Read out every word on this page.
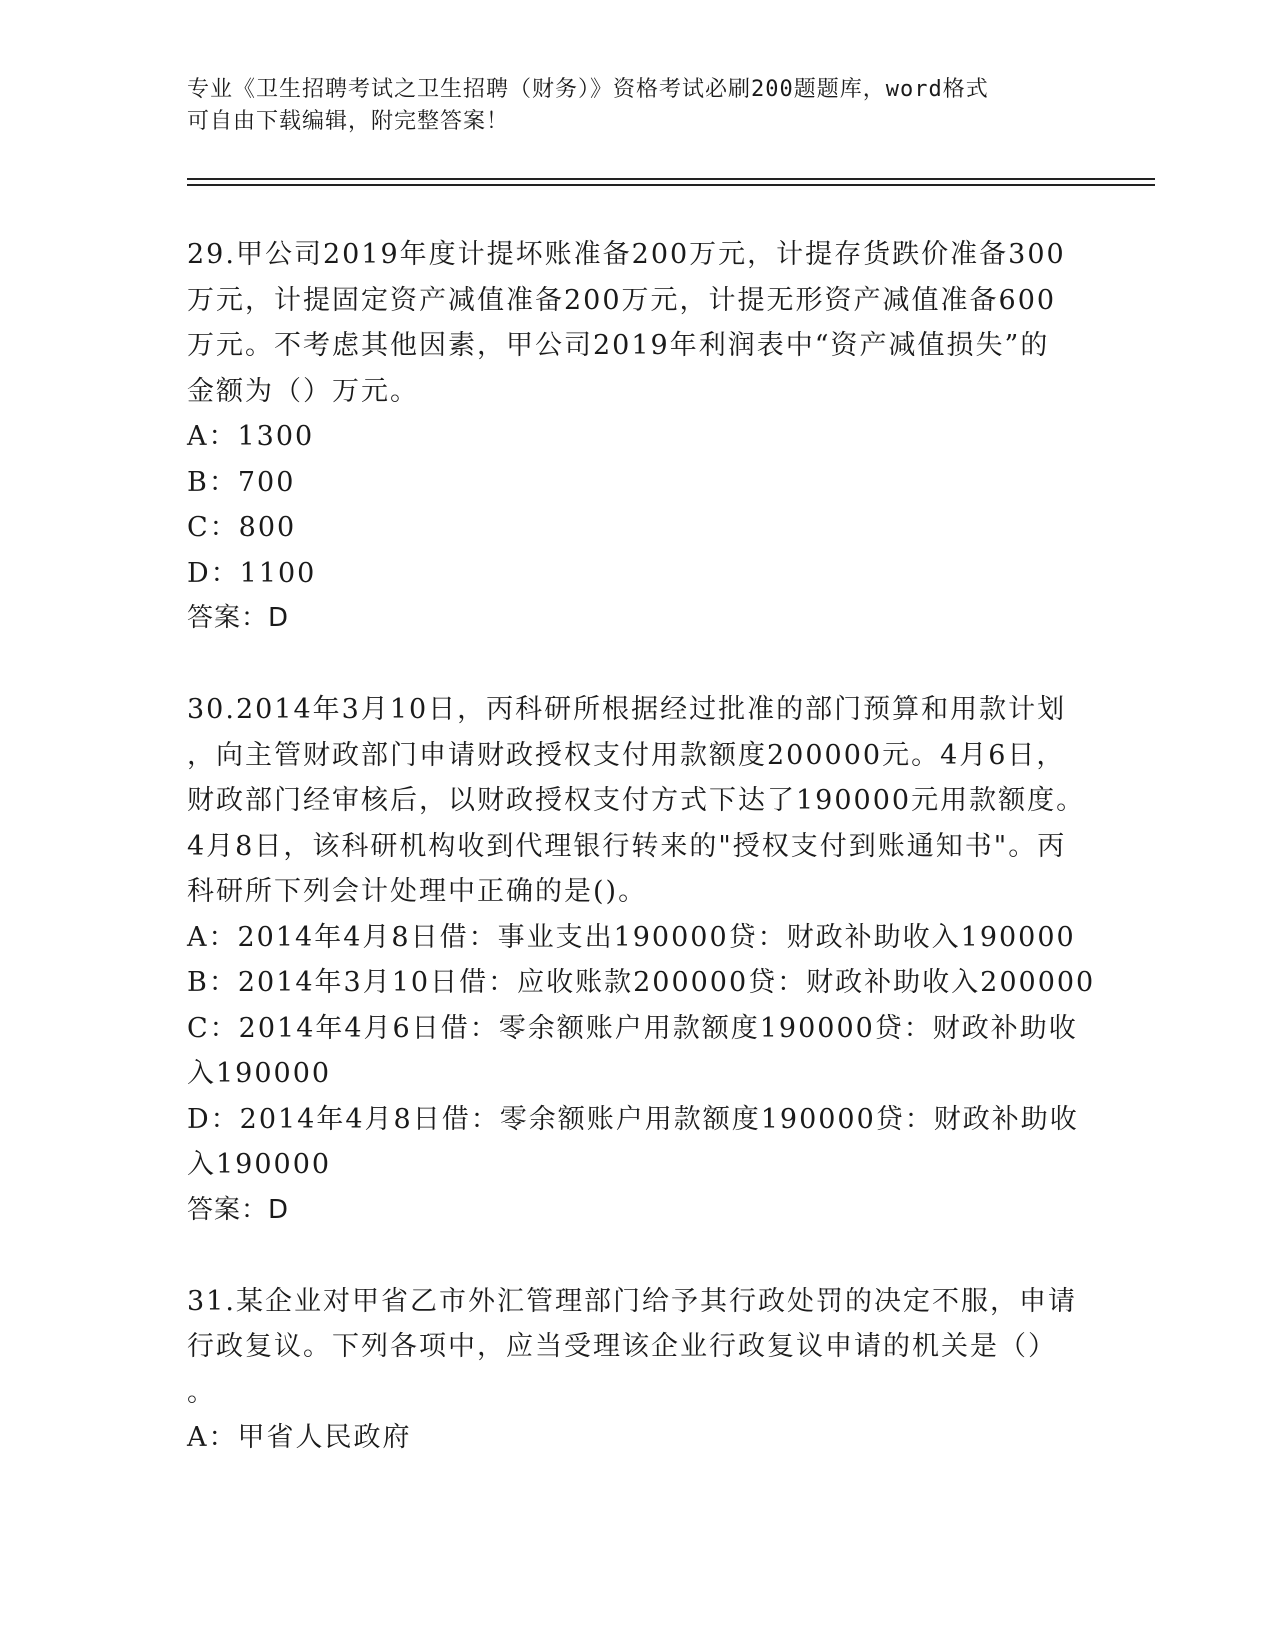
专业《卫生招聘考试之卫生招聘（财务）》资格考试必刷200题题库，word格式
可自由下载编辑，附完整答案！
29.甲公司2019年度计提坏账准备200万元，计提存货跌价准备300
万元，计提固定资产减值准备200万元，计提无形资产减值准备600
万元。不考虑其他因素，甲公司2019年利润表中“资产减值损失”的
金额为（）万元。
A：1300
B：700
C：800
D：1100
答案：D
30.2014年3月10日，丙科研所根据经过批准的部门预算和用款计划
，向主管财政部门申请财政授权支付用款额度200000元。4月6日，
财政部门经审核后，以财政授权支付方式下达了190000元用款额度。
4月8日，该科研机构收到代理银行转来的"授权支付到账通知书"。丙
科研所下列会计处理中正确的是()。
A：2014年4月8日借：事业支出190000贷：财政补助收入190000
B：2014年3月10日借：应收账款200000贷：财政补助收入200000
C：2014年4月6日借：零余额账户用款额度190000贷：财政补助收
入190000
D：2014年4月8日借：零余额账户用款额度190000贷：财政补助收
入190000
答案：D
31.某企业对甲省乙市外汇管理部门给予其行政处罚的决定不服，申请
行政复议。下列各项中，应当受理该企业行政复议申请的机关是（）
。
A：甲省人民政府
